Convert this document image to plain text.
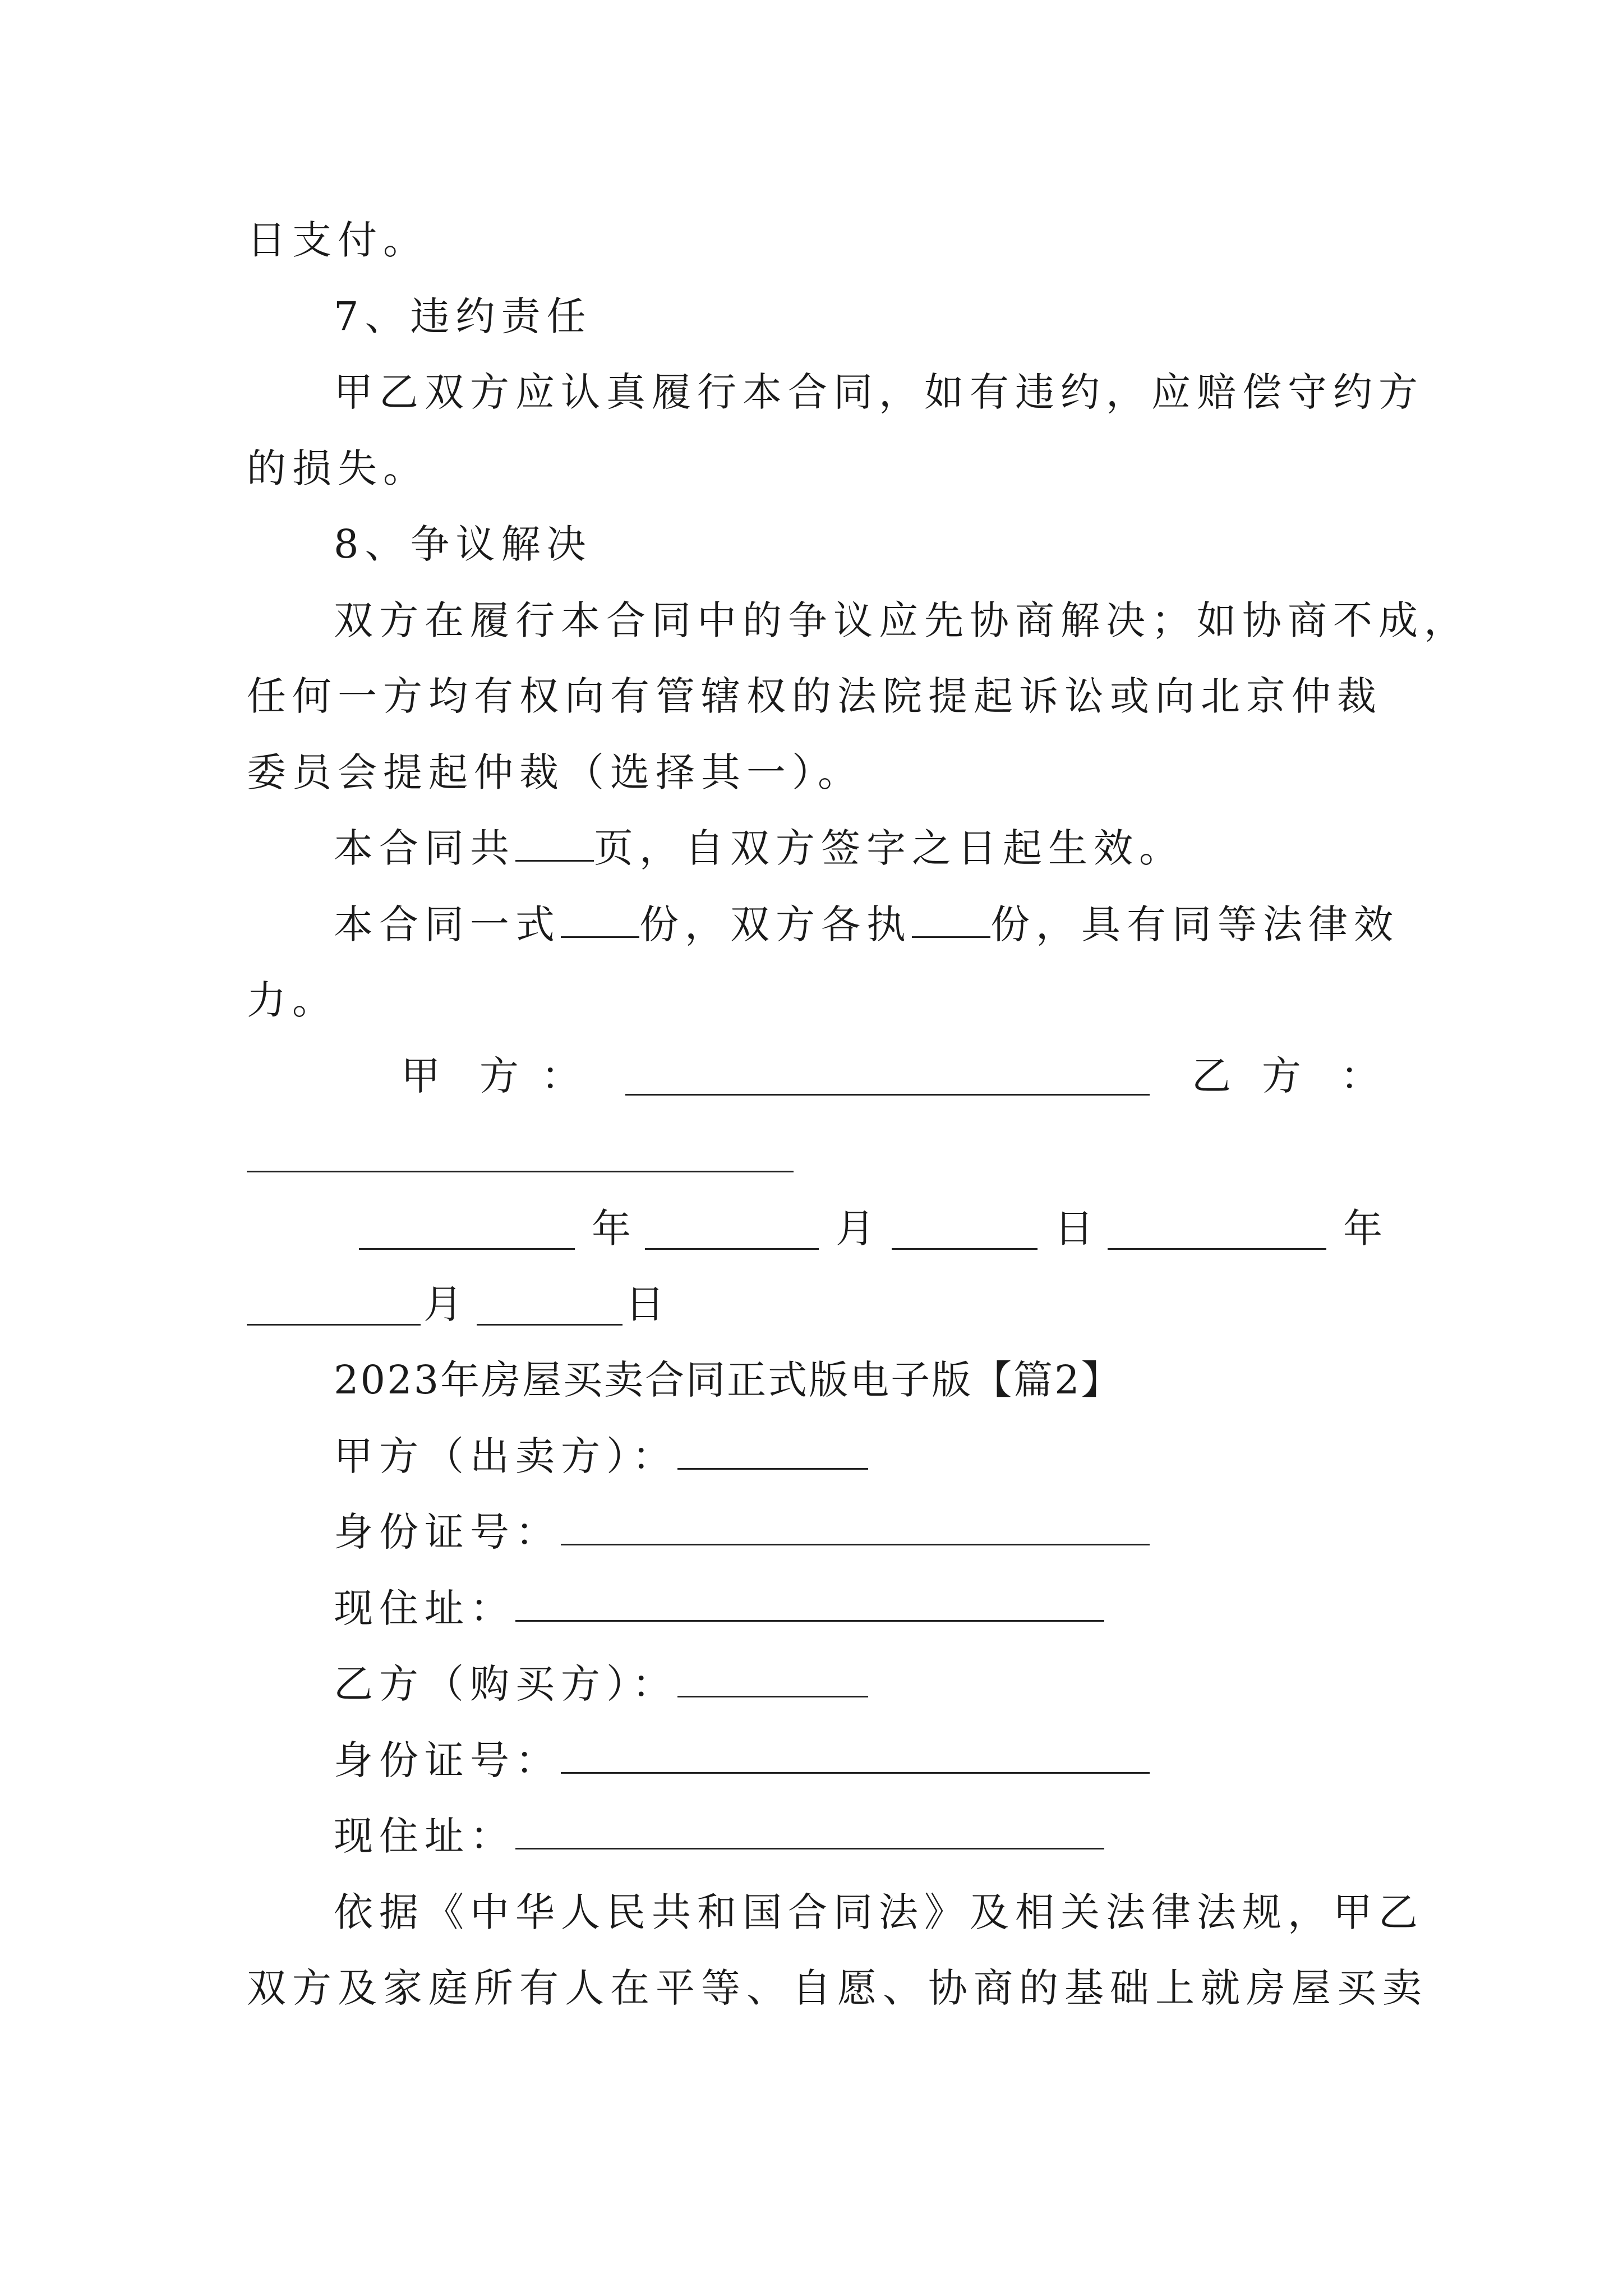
日支付。
7、违约责任
甲乙双方应认真履行本合同，如有违约，应赔偿守约方
的损失。
8、争议解决
双方在履行本合同中的争议应先协商解决；如协商不成，
任何一方均有权向有管辖权的法院提起诉讼或向北京仲裁
委员会提起仲裁（选择其一）。
本合同共 页，自双方签字之日起生效。
本合同一式 份，双方各执 份，具有同等法律效
力。
甲 方 ：	乙 方 ：
年	月	日	年
月	日
2023年房屋买卖合同正式版电子版【篇2】
甲方（出卖方）：
身份证号：
现住址：
乙方（购买方）：
身份证号：
现住址：
依据《中华人民共和国合同法》及相关法律法规，甲乙
双方及家庭所有人在平等、自愿、协商的基础上就房屋买卖
